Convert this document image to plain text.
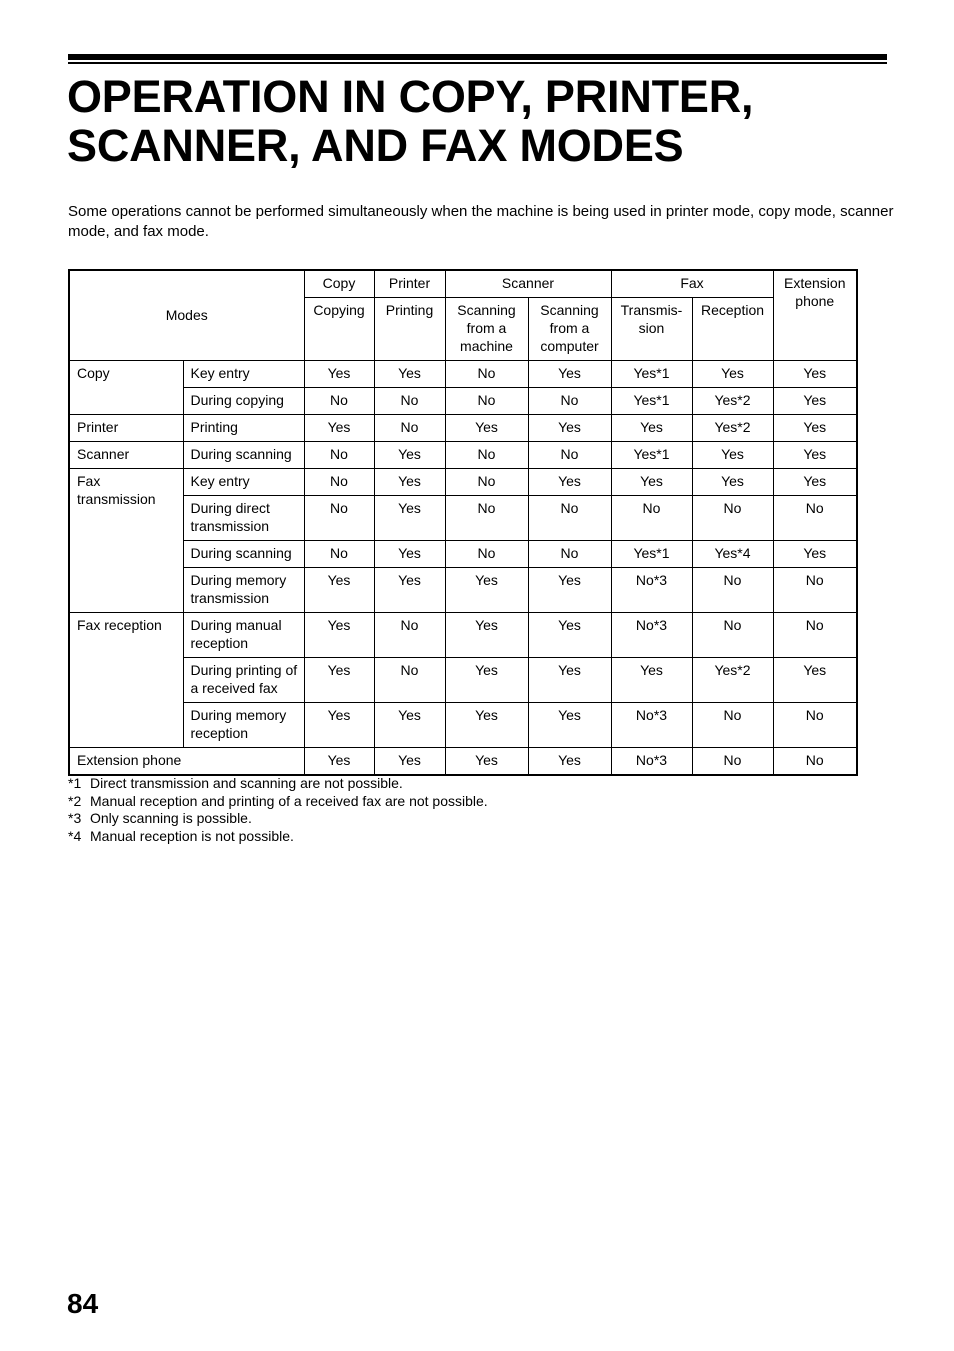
OPERATION IN COPY, PRINTER,
SCANNER, AND FAX MODES

Some operations cannot be performed simultaneously when the machine is being used in printer mode, copy mode, scanner mode, and fax mode.

Modes		Copy	Printer	Scanner		Fax		Extension phone
		Copying	Printing	Scanning from a machine	Scanning from a computer	Transmis-sion	Reception	
Copy	Key entry	Yes	Yes	No	Yes	Yes*1	Yes	Yes
	During copying	No	No	No	No	Yes*1	Yes*2	Yes
Printer	Printing	Yes	No	Yes	Yes	Yes	Yes*2	Yes
Scanner	During scanning	No	Yes	No	No	Yes*1	Yes	Yes
Fax transmission	Key entry	No	Yes	No	Yes	Yes	Yes	Yes
	During direct transmission	No	Yes	No	No	No	No	No
	During scanning	No	Yes	No	No	Yes*1	Yes*4	Yes
	During memory transmission	Yes	Yes	Yes	Yes	No*3	No	No
Fax reception	During manual reception	Yes	No	Yes	Yes	No*3	No	No
	During printing of a received fax	Yes	No	Yes	Yes	Yes	Yes*2	Yes
	During memory reception	Yes	Yes	Yes	Yes	No*3	No	No
Extension phone		Yes	Yes	Yes	Yes	No*3	No	No
*1 Direct transmission and scanning are not possible.
*2 Manual reception and printing of a received fax are not possible.
*3 Only scanning is possible.
*4 Manual reception is not possible.
84
